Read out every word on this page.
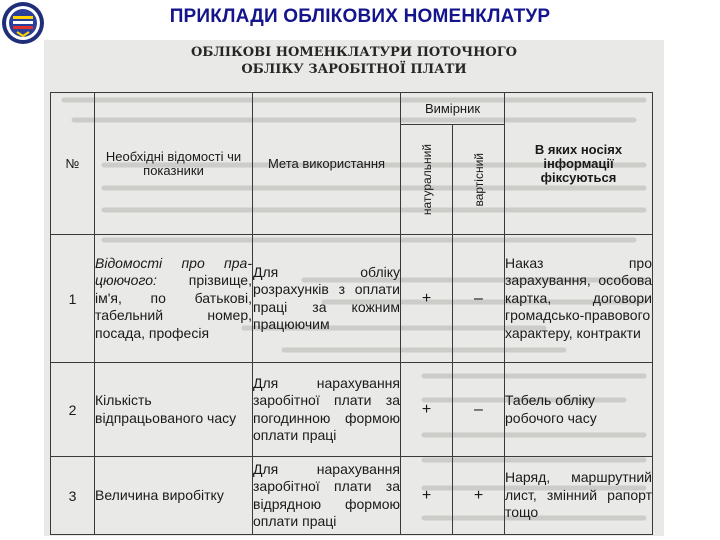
ПРИКЛАДИ ОБЛІКОВИХ НОМЕНКЛАТУР
ОБЛІКОВІ НОМЕНКЛАТУРИ ПОТОЧНОГО
ОБЛІКУ ЗАРОБІТНОЇ ПЛАТИ
№	Необхідні відомості чи показники	Мета використання	Вимірник		В яких носіях інформації фіксуються

			натуральний	вартісний	

1	Відомості про пра-цюючого: прізвище, ім'я, по батькові, табельний номер, посада, професія	Для обліку розрахунків з оплати праці за кожним працюючим	+	–	Наказ про зарахування, особова картка, договори громадсько-правового характеру, контракти
2	Кількість відпрацьованого часу	Для нарахування заробітної плати за погодинною формою оплати праці	+	–	Табель обліку робочого часу
3	Величина виробітку	Для нарахування заробітної плати за відрядною формою оплати праці	+	+	Наряд, маршрутний лист, змінний рапорт тощо
